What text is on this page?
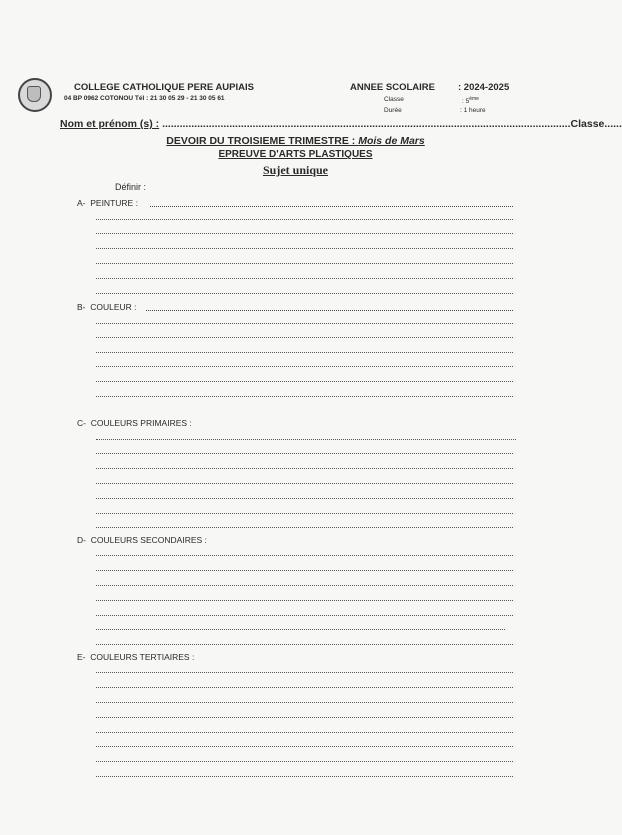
COLLEGE CATHOLIQUE PERE AUPIAIS
04 BP 0962 COTONOU Tél : 21 30 05 29 - 21 30 05 61
ANNEE SCOLAIRE
Classe
Durée
: 2024-2025
: 5ème
: 1 heure
Nom et prénom (s) : ............................................................................................................................................Classe......
DEVOIR DU TROISIEME TRIMESTRE : Mois de Mars
EPREUVE D'ARTS PLASTIQUES
Sujet unique
Définir :
A- PEINTURE :
B- COULEUR :
C- COULEURS PRIMAIRES :
D- COULEURS SECONDAIRES :
E- COULEURS TERTIAIRES :
